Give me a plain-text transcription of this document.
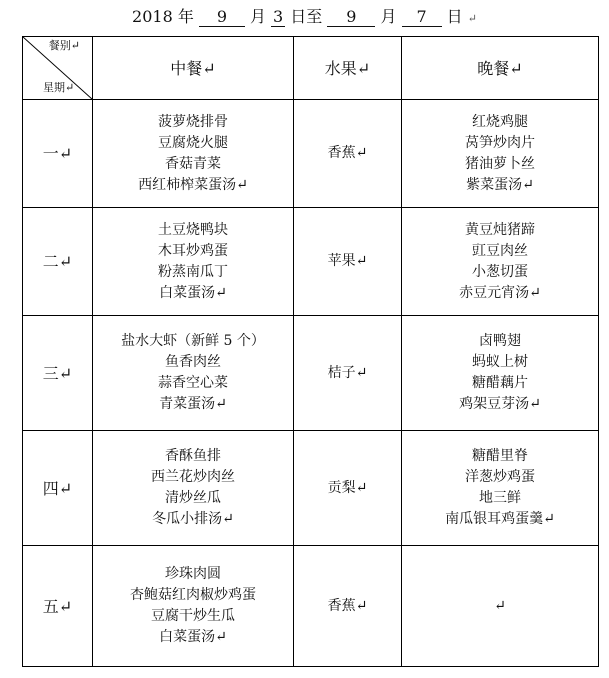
2018 年 9 月 3 日至 9 月 7 日 ↵
餐别↵
星期↵	中餐↵	水果↵	晚餐↵
一↵	菠萝烧排骨
豆腐烧火腿
香菇青菜
西红柿榨菜蛋汤↵	香蕉↵	红烧鸡腿
莴笋炒肉片
猪油萝卜丝
紫菜蛋汤↵

二↵	土豆烧鸭块
木耳炒鸡蛋
粉蒸南瓜丁
白菜蛋汤↵	苹果↵	黄豆炖猪蹄
豇豆肉丝
小葱切蛋
赤豆元宵汤↵

三↵	盐水大虾（新鲜 5 个）
鱼香肉丝
蒜香空心菜
青菜蛋汤↵	桔子↵	卤鸭翅
蚂蚁上树
糖醋藕片
鸡架豆芽汤↵

四↵	香酥鱼排
西兰花炒肉丝
清炒丝瓜
冬瓜小排汤↵	贡梨↵	糖醋里脊
洋葱炒鸡蛋
地三鲜
南瓜银耳鸡蛋羹↵

五↵	珍珠肉圆
杏鲍菇红肉椒炒鸡蛋
豆腐干炒生瓜
白菜蛋汤↵	香蕉↵	↵
